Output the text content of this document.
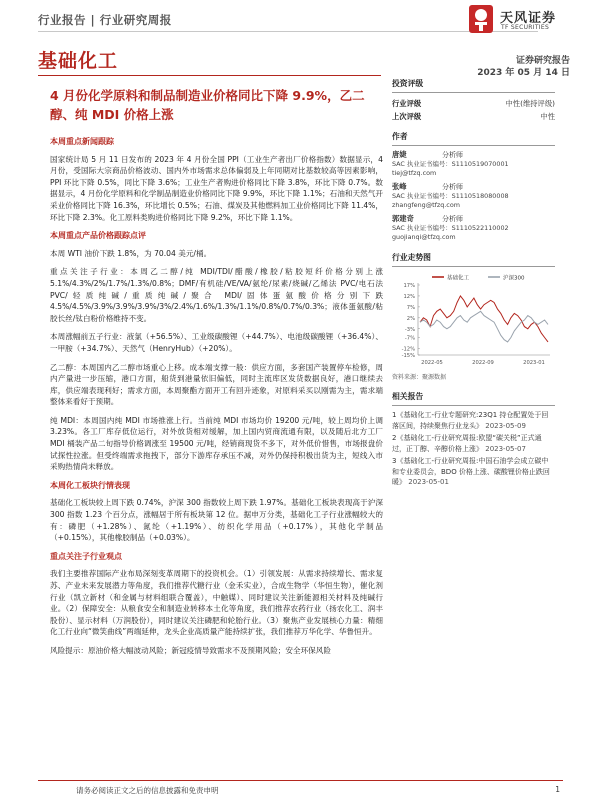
行业报告 | 行业研究周报	天风证券
TF SECURITIES
基础化工	证券研究报告
2023 年 05 月 14 日
4 月份化学原料和制品制造业价格同比下降 9.9%，乙二醇、纯 MDI 价格上涨
本周重点新闻跟踪

国家统计局 5 月 11 日发布的 2023 年 4 月份全国 PPI（工业生产者出厂价格指数）数据显示，4 月份，受国际大宗商品价格波动、国内外市场需求总体偏弱及上年同期对比基数较高等因素影响，PPI 环比下降 0.5%，同比下降 3.6%；工业生产者购进价格同比下降 3.8%，环比下降 0.7%。数据显示，4 月份化学原料和化学制品制造业价格同比下降 9.9%，环比下降 1.1%；石油和天然气开采业价格同比下降 16.3%，环比增长 0.5%；石油、煤炭及其他燃料加工业价格同比下降 11.4%，环比下降 2.3%。化工原料类购进价格同比下降 9.2%，环比下降 1.1%。

本周重点产品价格跟踪点评

本周 WTI 油价下跌 1.8%，为 70.04 美元/桶。

重点关注子行业：本周乙二醇/纯 MDI/TDI/醋酸/橡胶/粘胶短纤价格分别上涨 5.1%/4.3%/2%/1.7%/1.3%/0.8%；DMF/有机硅/VE/VA/氨纶/尿素/烧碱/乙烯法 PVC/电石法 PVC/轻质纯碱/重质纯碱/聚合 MDI/固体蛋氨酸价格分别下跌 4.5%/4.5%/3.9%/3.9%/3.9%/3%/2.4%/1.6%/1.3%/1.1%/0.8%/0.7%/0.3%；液体蛋氨酸/粘胶长丝/钛白粉价格维持不变。

本周涨幅前五子行业：液氯（+56.5%）、工业级碳酸锂（+44.7%）、电池级碳酸锂（+36.4%）、一甲胺（+34.7%）、天然气（HenryHub）（+20%）。

乙二醇：本周国内乙二醇市场重心上移。成本端支撑一般：供应方面，多套国产装置停车检修，周内产量进一步压缩，港口方面，船货到港量依旧偏低，同时主流库区发货数据良好，港口继续去库，供应端表现利好；需求方面，本周聚酯方面开工有回升迹象，对原料采买以刚需为主，需求端整体来看好于预期。

纯 MDI：本周国内纯 MDI 市场推涨上行。当前纯 MDI 市场均价 19200 元/吨，较上周均价上调 3.23%。各工厂库存低位运行，对外放货相对缓解，加上国内贸商流通有限，以及随后北方工厂 MDI 桶装产品二旬指导价格调涨至 19500 元/吨，经销商现货不多下，对外低价惜售，市场报盘价试探性拉涨。但受终端需求拖拽下，部分下游库存承压不减，对外仍保持积极出货为主，短线入市采购热情尚未释放。

本周化工板块行情表现

基础化工板块较上周下跌 0.74%，沪深 300 指数较上周下跌 1.97%。基础化工板块表现高于沪深 300 指数 1.23 个百分点，涨幅居于所有板块第 12 位。据申万分类，基础化工子行业涨幅较大的有：磷肥（+1.28%）、氮纶（+1.19%）、纺织化学用品（+0.17%），其他化学制品（+0.15%），其他橡胶制品（+0.03%）。

重点关注子行业观点

我们主要推荐国际产业布局深刻变革周期下的投资机会。（1）引领发展：从需求持续增长、需求复苏、产业未来发展潜力等角度，我们推荐代糖行业（金禾实业），合成生物学（华恒生物），催化剂行业（凯立新材（和金属与材料组联合覆盖），中触媒）、同时建议关注新能源相关材料及纯碱行业。（2）保障安全：从粮食安全和制造业转移本土化等角度，我们推荐农药行业（扬农化工、润丰股份）、显示材料（万润股份），同时建议关注磷肥和轮胎行业。（3）聚焦产业发展核心力量：精细化工行业向“微笑曲线”两端延伸，龙头企业高质量产能持续扩张，我们推荐万华化学、华鲁恒升。

风险提示：原油价格大幅波动风险；新冠疫情导致需求不及预期风险；安全环保风险

投资评级
行业评级	中性(维持评级)
上次评级	中性
作者
唐婕	分析师
SAC 执业证书编号：S1110519070001
tiej@tfzq.com
张峰	分析师
SAC 执业证书编号：S1110518080008
zhangfeng@tfzq.com
郭建奇	分析师
SAC 执业证书编号：S1110522110002
guojianqi@tfzq.com
行业走势图
基础化工	沪深300
17%
12%
7%
2%
-3%
-7%
-12%
-15%
2022-05	2022-09	2023-01
资料来源：聚源数据
相关报告
1《基础化工-行业专题研究:23Q1 持仓配置处于回落区间，持续聚焦行业龙头》 2023-05-09
2《基础化工-行业研究周报:欧盟“碳关税”正式通过，正丁醇、辛醇价格上涨》 2023-05-07
3《基础化工-行业研究周报:中国石油学会成立碳中和专业委员会，BDO 价格上涨、碳酸锂价格止跌回暖》 2023-05-01
请务必阅读正文之后的信息披露和免责申明	1
